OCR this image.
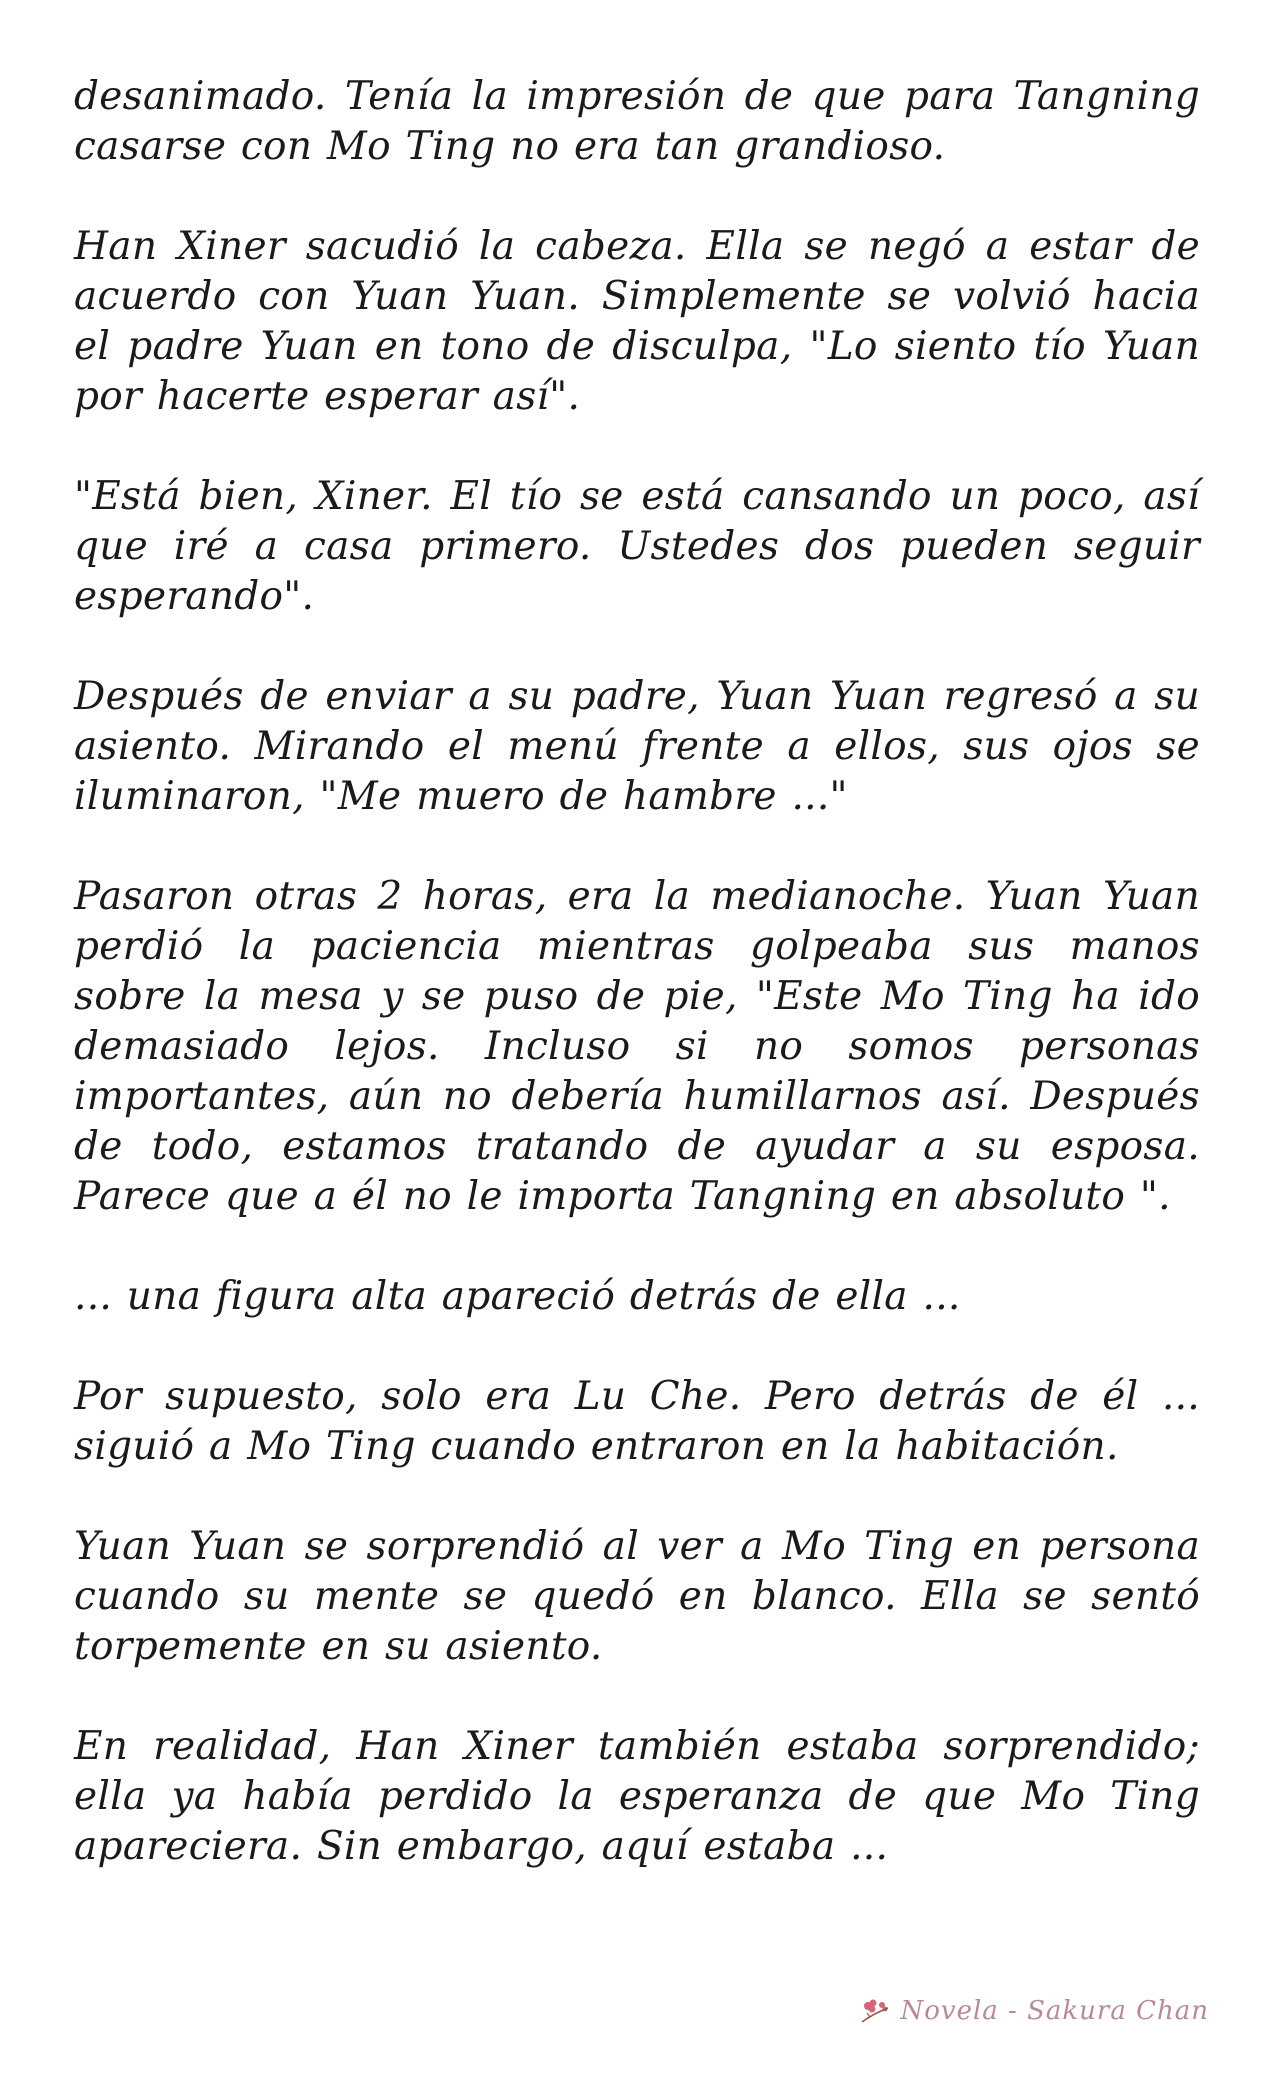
desanimado. Tenía la impresión de que para Tangning casarse con Mo Ting no era tan grandioso.

Han Xiner sacudió la cabeza. Ella se negó a estar de acuerdo con Yuan Yuan. Simplemente se volvió hacia el padre Yuan en tono de disculpa, "Lo siento tío Yuan por hacerte esperar así".

"Está bien, Xiner. El tío se está cansando un poco, así que iré a casa primero. Ustedes dos pueden seguir esperando".

Después de enviar a su padre, Yuan Yuan regresó a su asiento. Mirando el menú frente a ellos, sus ojos se iluminaron, "Me muero de hambre ..."

Pasaron otras 2 horas, era la medianoche. Yuan Yuan perdió la paciencia mientras golpeaba sus manos sobre la mesa y se puso de pie, "Este Mo Ting ha ido demasiado lejos. Incluso si no somos personas importantes, aún no debería humillarnos así. Después de todo, estamos tratando de ayudar a su esposa. Parece que a él no le importa Tangning en absoluto ".

... una figura alta apareció detrás de ella ...

Por supuesto, solo era Lu Che. Pero detrás de él ... siguió a Mo Ting cuando entraron en la habitación.

Yuan Yuan se sorprendió al ver a Mo Ting en persona cuando su mente se quedó en blanco. Ella se sentó torpemente en su asiento.

En realidad, Han Xiner también estaba sorprendido; ella ya había perdido la esperanza de que Mo Ting apareciera. Sin embargo, aquí estaba ...

Novela - Sakura Chan
